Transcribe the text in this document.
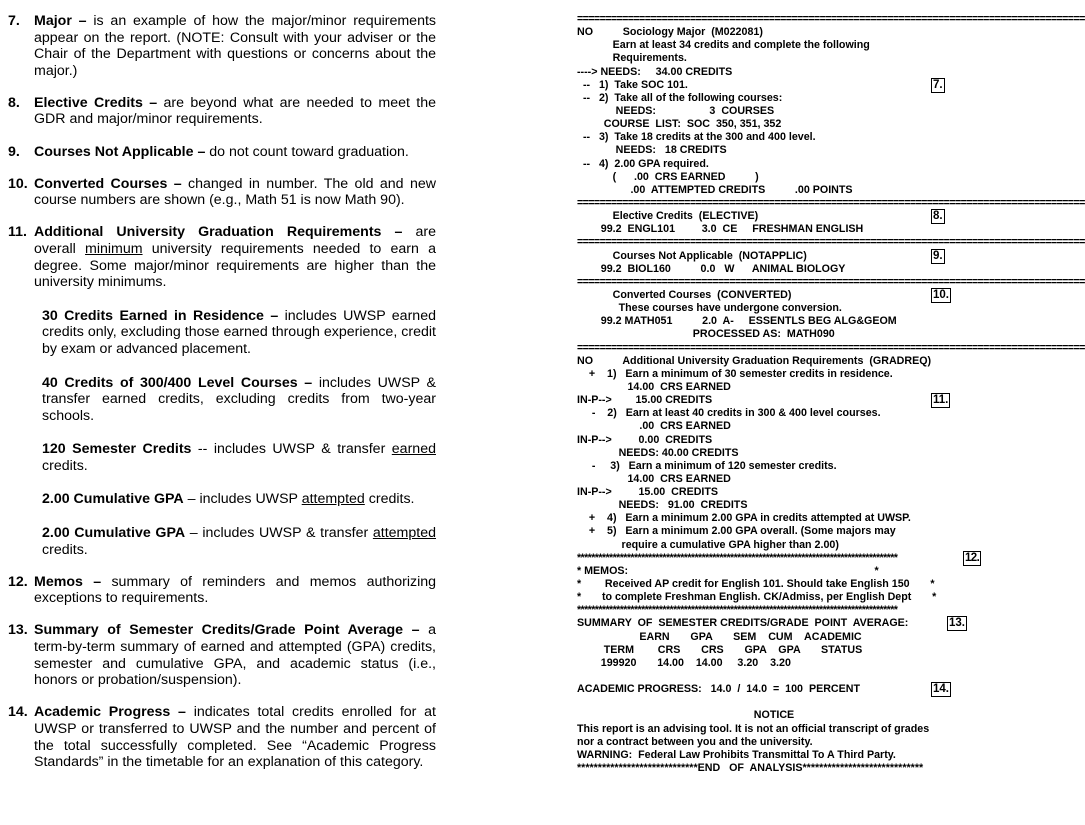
7. Major – is an example of how the major/minor requirements appear on the report. (NOTE: Consult with your adviser or the Chair of the Department with questions or concerns about the major.)
8. Elective Credits – are beyond what are needed to meet the GDR and major/minor requirements.
9. Courses Not Applicable – do not count toward graduation.
10. Converted Courses – changed in number. The old and new course numbers are shown (e.g., Math 51 is now Math 90).
11. Additional University Graduation Requirements – are overall minimum university requirements needed to earn a degree. Some major/minor requirements are higher than the university minimums.
30 Credits Earned in Residence – includes UWSP earned credits only, excluding those earned through experience, credit by exam or advanced placement.
40 Credits of 300/400 Level Courses – includes UWSP & transfer earned credits, excluding credits from two-year schools.
120 Semester Credits -- includes UWSP & transfer earned credits.
2.00 Cumulative GPA – includes UWSP attempted credits.
2.00 Cumulative GPA – includes UWSP & transfer attempted credits.
12. Memos – summary of reminders and memos authorizing exceptions to requirements.
13. Summary of Semester Credits/Grade Point Average – a term-by-term summary of earned and attempted (GPA) credits, semester and cumulative GPA, and academic status (i.e., honors or probation/suspension).
14. Academic Progress – indicates total credits enrolled for at UWSP or transferred to UWSP and the number and percent of the total successfully completed. See “Academic Progress Standards” in the timetable for an explanation of this category.
==========================================================================================
NO          Sociology Major  (M022081)
Earn at least 34 credits and complete the following
Requirements.
----> NEEDS:     34.00 CREDITS
--   1)  Take SOC 101.	7.
--   2)  Take all of the following courses:
NEEDS:                  3  COURSES
COURSE  LIST:  SOC  350, 351, 352
--   3)  Take 18 credits at the 300 and 400 level.
NEEDS:   18 CREDITS
--   4)  2.00 GPA required.
(      .00  CRS EARNED          )
.00  ATTEMPTED CREDITS          .00 POINTS
==========================================================================================
Elective Credits  (ELECTIVE)	8.
99.2  ENGL101         3.0  CE     FRESHMAN ENGLISH
==========================================================================================
Courses Not Applicable  (NOTAPPLIC)	9.
99.2  BIOL160          0.0   W      ANIMAL BIOLOGY
==========================================================================================
Converted Courses  (CONVERTED)	10.
These courses have undergone conversion.
99.2 MATH051          2.0  A-     ESSENTLS BEG ALG&GEOM
PROCESSED AS:  MATH090
==========================================================================================
NO          Additional University Graduation Requirements  (GRADREQ)
+    1)   Earn a minimum of 30 semester credits in residence.
14.00  CRS EARNED
IN-P-->        15.00 CREDITS	11.
-    2)   Earn at least 40 credits in 300 & 400 level courses.
.00  CRS EARNED
IN-P-->         0.00  CREDITS
NEEDS: 40.00 CREDITS
-     3)   Earn a minimum of 120 semester credits.
14.00  CRS EARNED
IN-P-->         15.00  CREDITS
NEEDS:   91.00  CREDITS
+    4)   Earn a minimum 2.00 GPA in credits attempted at UWSP.
+    5)   Earn a minimum 2.00 GPA overall. (Some majors may
require a cumulative GPA higher than 2.00)
******************************************************************************************	12.
* MEMOS:                                                                                   *
*        Received AP credit for English 101. Should take English 150       *
*       to complete Freshman English. CK/Admiss, per English Dept       *
******************************************************************************************
SUMMARY  OF  SEMESTER CREDITS/GRADE  POINT  AVERAGE:	13.
EARN       GPA       SEM    CUM    ACADEMIC
TERM        CRS       CRS       GPA    GPA       STATUS
199920       14.00    14.00     3.20    3.20
ACADEMIC PROGRESS:   14.0  /  14.0  =  100  PERCENT	14.
NOTICE
This report is an advising tool. It is not an official transcript of grades
nor a contract between you and the university.
WARNING:  Federal Law Prohibits Transmittal To A Third Party.
*****************************END   OF  ANALYSIS*****************************
